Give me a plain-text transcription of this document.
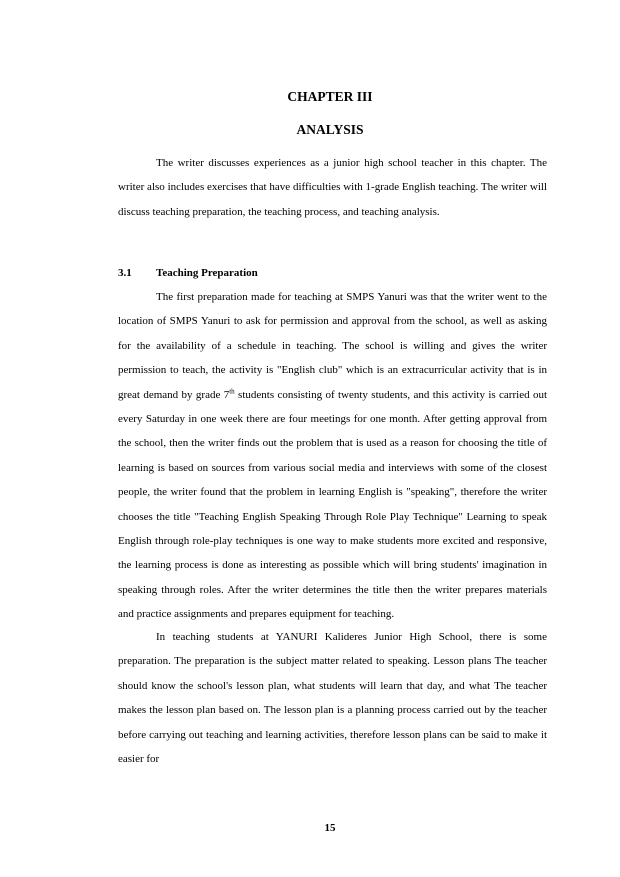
CHAPTER III
ANALYSIS

The writer discusses experiences as a junior high school teacher in this chapter. The writer also includes exercises that have difficulties with 1-grade English teaching. The writer will discuss teaching preparation, the teaching process, and teaching analysis.

3.1 Teaching Preparation

The first preparation made for teaching at SMPS Yanuri was that the writer went to the location of SMPS Yanuri to ask for permission and approval from the school, as well as asking for the availability of a schedule in teaching. The school is willing and gives the writer permission to teach, the activity is "English club" which is an extracurricular activity that is in great demand by grade 7th students consisting of twenty students, and this activity is carried out every Saturday in one week there are four meetings for one month. After getting approval from the school, then the writer finds out the problem that is used as a reason for choosing the title of learning is based on sources from various social media and interviews with some of the closest people, the writer found that the problem in learning English is "speaking", therefore the writer chooses the title "Teaching English Speaking Through Role Play Technique" Learning to speak English through role-play techniques is one way to make students more excited and responsive, the learning process is done as interesting as possible which will bring students' imagination in speaking through roles. After the writer determines the title then the writer prepares materials and practice assignments and prepares equipment for teaching.

In teaching students at YANURI Kalideres Junior High School, there is some preparation. The preparation is the subject matter related to speaking. Lesson plans The teacher should know the school's lesson plan, what students will learn that day, and what The teacher makes the lesson plan based on. The lesson plan is a planning process carried out by the teacher before carrying out teaching and learning activities, therefore lesson plans can be said to make it easier for

15
